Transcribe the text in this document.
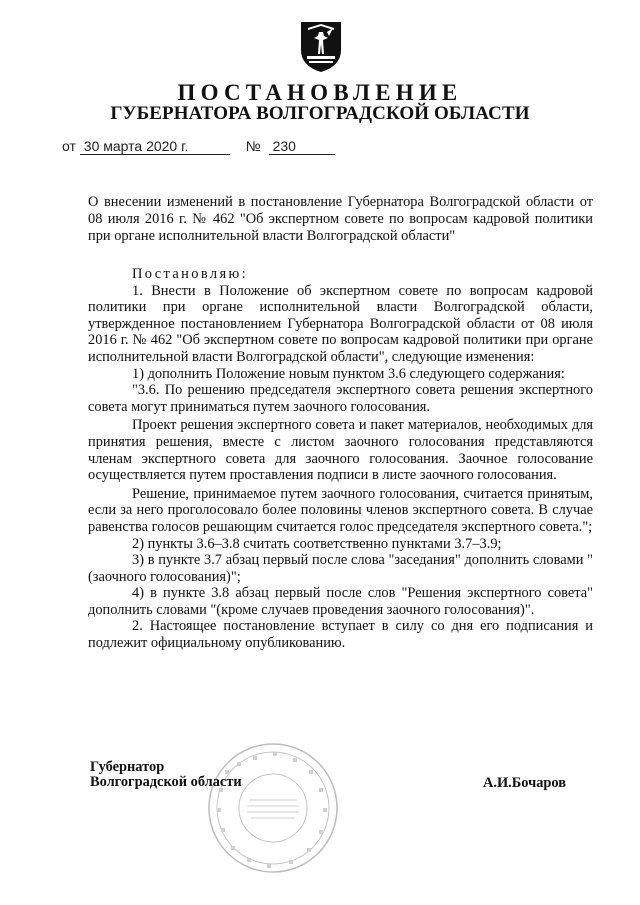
ПОСТАНОВЛЕНИЕ
ГУБЕРНАТОРА ВОЛГОГРАДСКОЙ ОБЛАСТИ
от 30 марта 2020 г.	№ 230

О внесении изменений в постановление Губернатора Волгоградской области от 08 июля 2016 г. № 462 "Об экспертном совете по вопросам кадровой политики при органе исполнительной власти Волгоградской области"

Постановляю:

1. Внести в Положение об экспертном совете по вопросам кадровой политики при органе исполнительной власти Волгоградской области, утвержденное постановлением Губернатора Волгоградской области от 08 июля 2016 г. № 462 "Об экспертном совете по вопросам кадровой политики при органе исполнительной власти Волгоградской области", следующие изменения:

1) дополнить Положение новым пунктом 3.6 следующего содержания:

"3.6. По решению председателя экспертного совета решения экспертного совета могут приниматься путем заочного голосования.

Проект решения экспертного совета и пакет материалов, необходимых для принятия решения, вместе с листом заочного голосования представляются членам экспертного совета для заочного голосования. Заочное голосование осуществляется путем проставления подписи в листе заочного голосования.

Решение, принимаемое путем заочного голосования, считается принятым, если за него проголосовало более половины членов экспертного совета. В случае равенства голосов решающим считается голос председателя экспертного совета.";

2) пункты 3.6–3.8 считать соответственно пунктами 3.7–3.9;

3) в пункте 3.7 абзац первый после слова "заседания" дополнить словами "(заочного голосования)";

4) в пункте 3.8 абзац первый после слов "Решения экспертного совета" дополнить словами "(кроме случаев проведения заочного голосования)".

2. Настоящее постановление вступает в силу со дня его подписания и подлежит официальному опубликованию.

Губернатор
Волгоградской области	А.И.Бочаров
